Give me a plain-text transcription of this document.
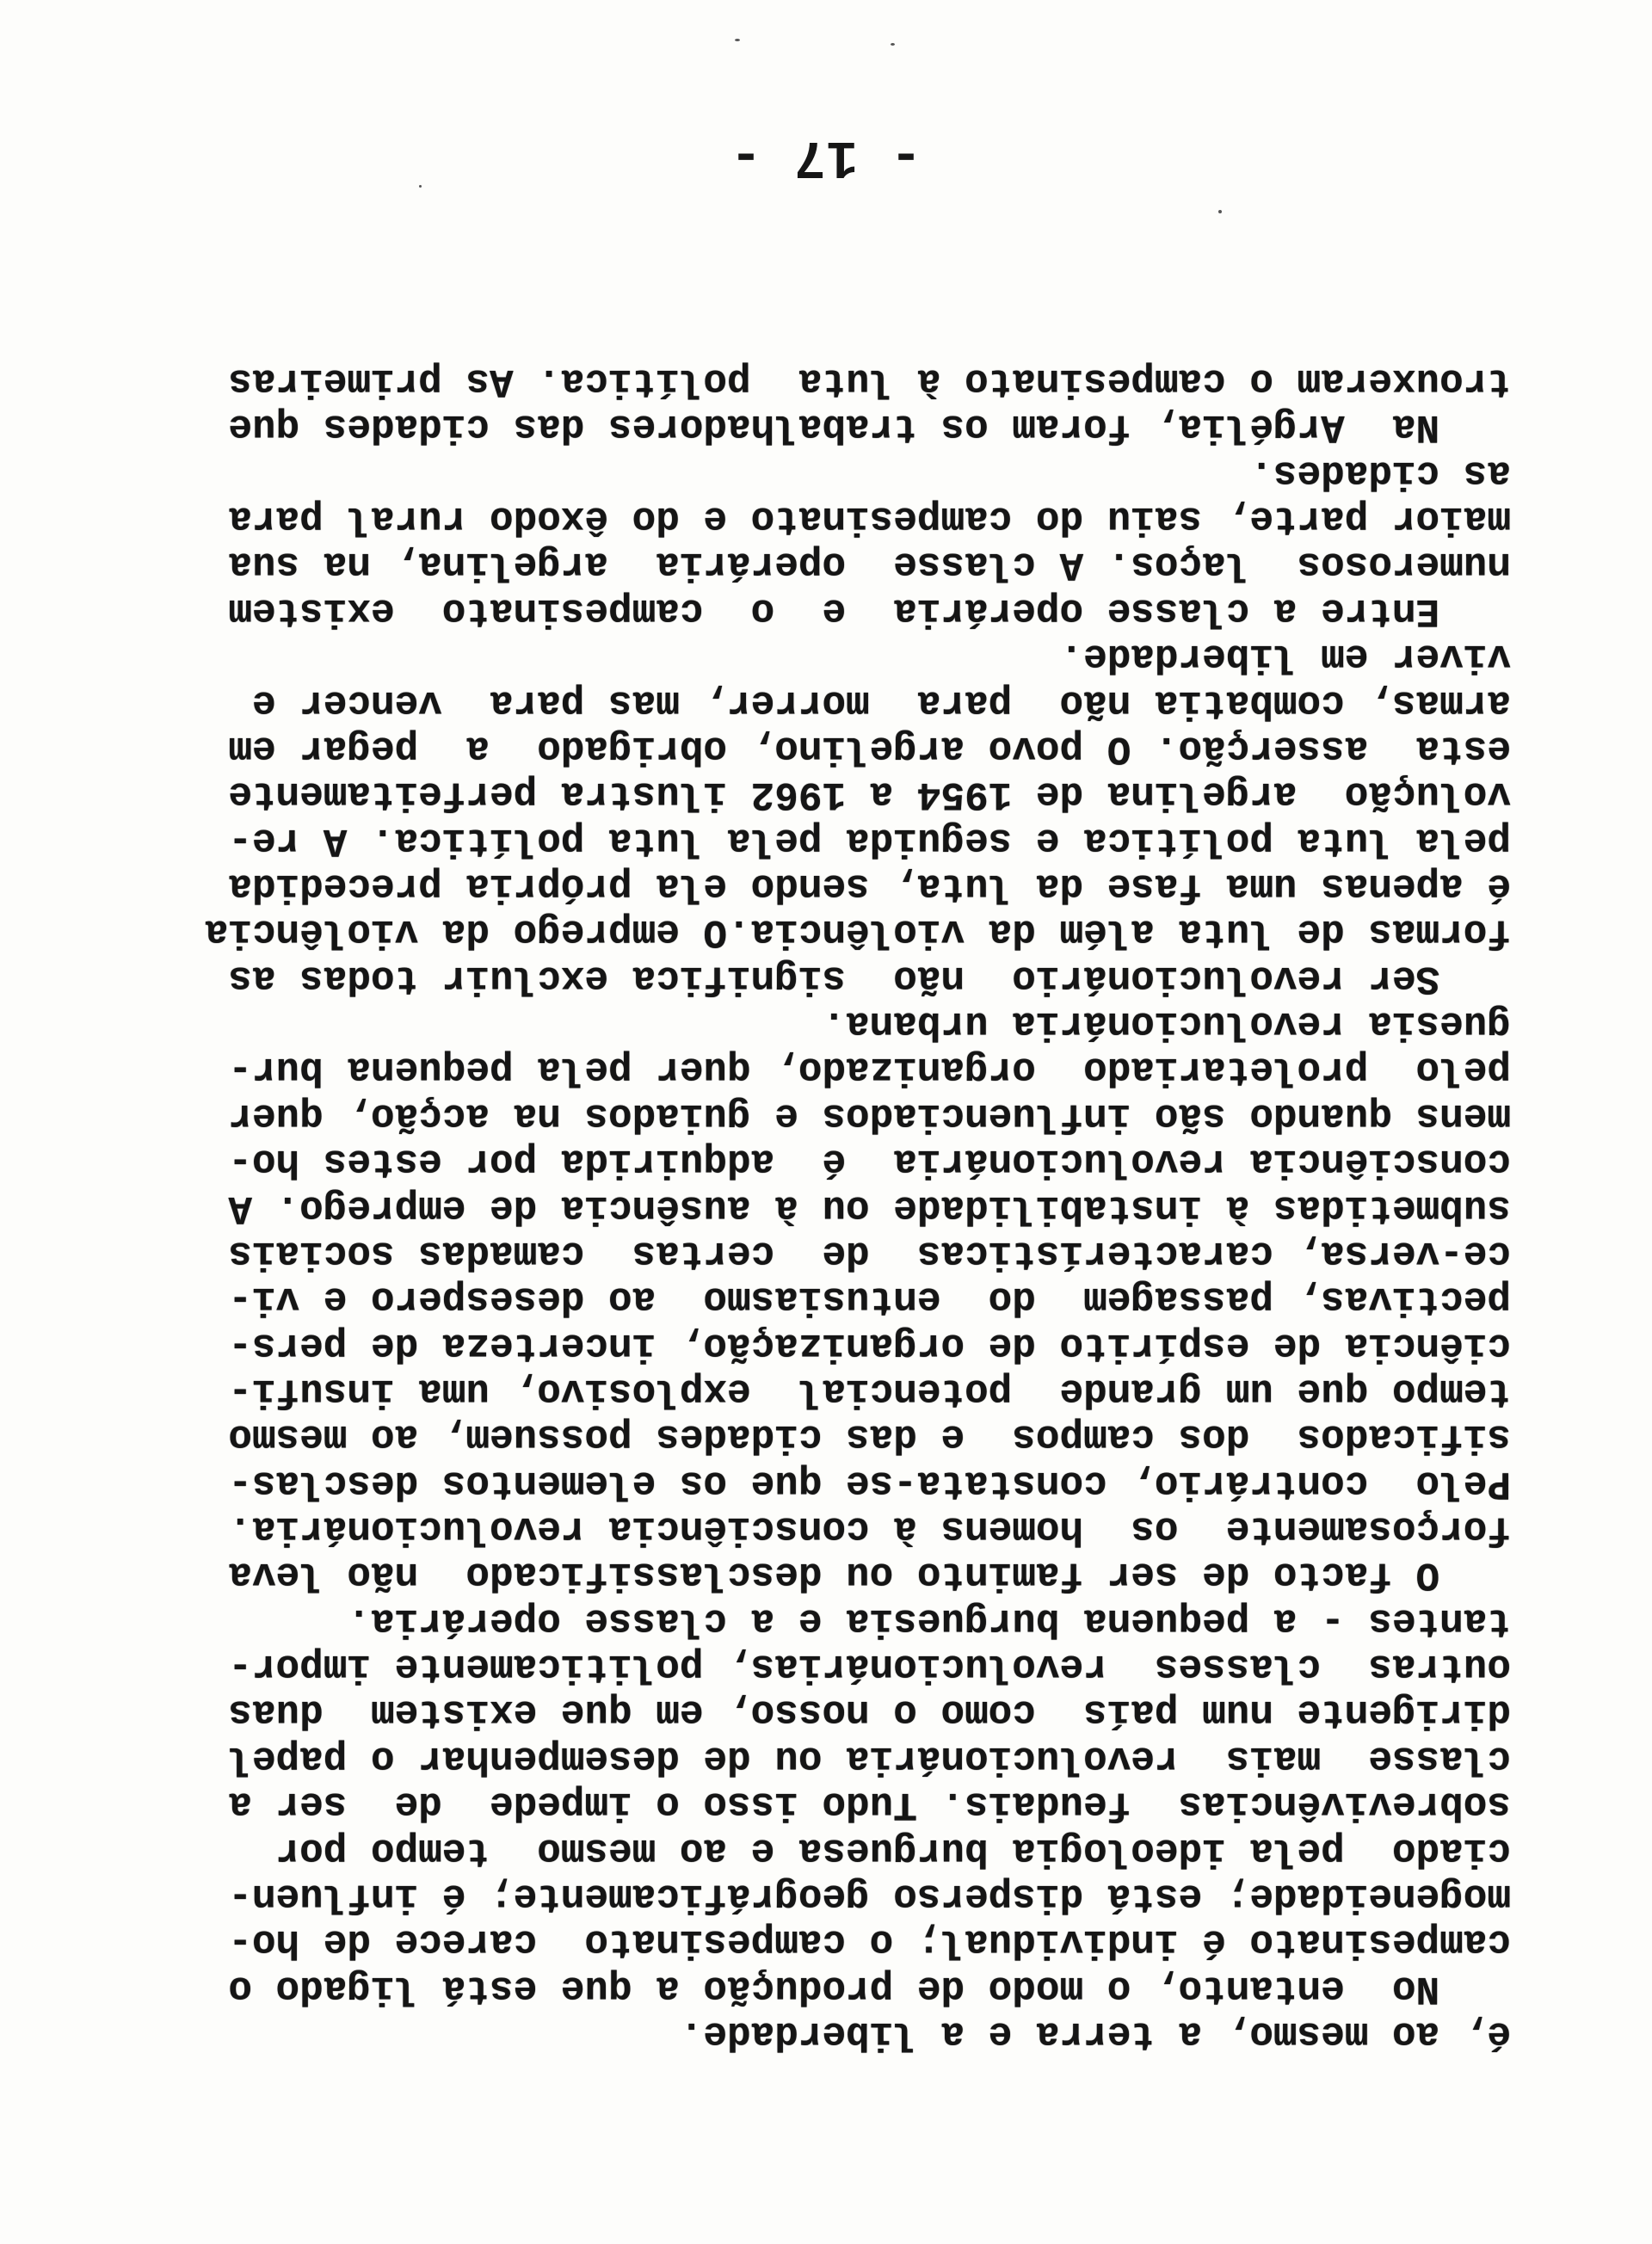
é, ao mesmo, a terra e a liberdade.

No  entanto, o modo de produção a que está ligado o

campesinato é individual; o campesinato  carece de ho-

mogeneidade; está disperso geográficamente; é influen-

ciado  pela ideologia burguesa e ao mesmo  tempo por

sobrevivências  feudais. Tudo isso o impede  de  ser a

classe  mais  revolucionária ou de desempenhar o papel

dirigente num país  como o nosso, em que existem  duas

outras  classes  revolucionárias, politicamente impor-

tantes - a pequena burguesia e a classe operária.

O facto de ser faminto ou desclassificado  não leva

forçosamente  os  homens à consciência revolucionária.

Pelo  contrário, constata-se que os elementos desclas-

sificados  dos campos  e das cidades possuem, ao mesmo

tempo que um grande  potencial  explosivo, uma insufi-

ciência de espírito de organização, incerteza de pers-

pectivas, passagem  do  entusiasmo  ao desespero e vi-

ce-versa, características  de  certas  camadas sociais

submetidas à instabilidade ou à ausência de emprego. A

consciência revolucionária  é  adquirida por estes ho-

mens quando são influenciados e guiados na acção, quer

pelo  proletariado  organizado, quer pela pequena bur-

guesia revolucionária urbana.

Ser revolucionário  não  significa excluir todas as

formas de luta além da violência.O emprego da violência

é apenas uma fase da luta, sendo ela própria precedida

pela luta política e seguida pela luta política. A re-

volução  argelina de 1954 a 1962 ilustra perfeitamente

esta  asserção. O povo argelino, obrigado  a  pegar em

armas, combatia não  para  morrer, mas para  vencer e

viver em liberdade.

Entre a classe operária  e  o  campesinato  existem

numerosos  laços. A classe  operária  argelina, na sua

maior parte, saiu do campesinato e do êxodo rural para

as cidades.

Na  Argélia, foram os trabalhadores das cidades que

trouxeram o campesinato à luta  política. As primeiras

- 17 -
